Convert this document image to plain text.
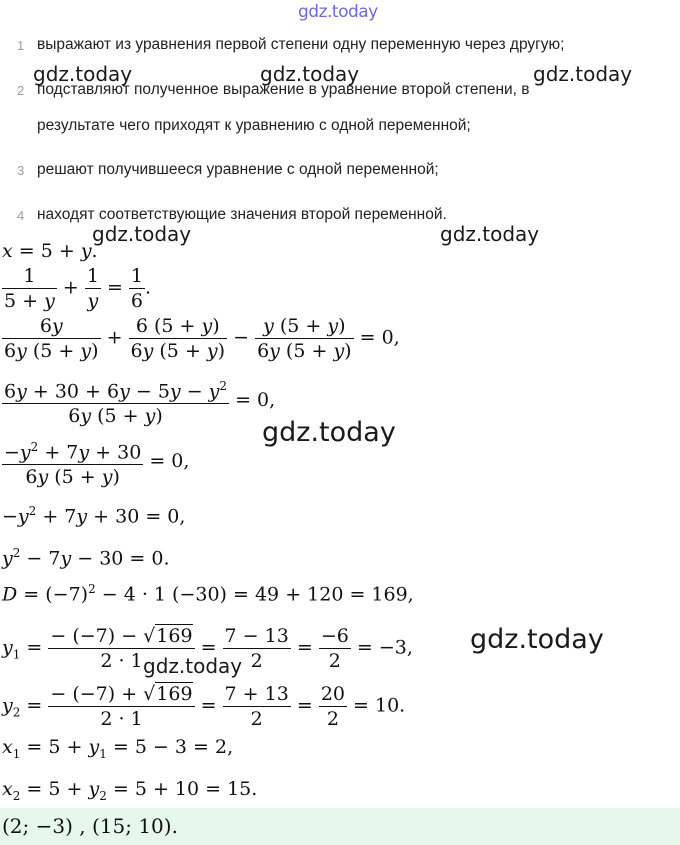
gdz.today
gdz.today	gdz.today	gdz.today
gdz.today	gdz.today
gdz.today
gdz.today
1 выражают из уравнения первой степени одну переменную через другую;
2 подставляют полученное выражение в уравнение второй степени, в
результате чего приходят к уравнению с одной переменной;
3 решают получившееся уравнение с одной переменной;
4 находят соответствующие значения второй переменной.
x = 5 + y.
$\frac{1}{5 + y} + \frac{1}{y} = \frac{1}{6}$ .
$\frac{6y}{6y (5 + y)} + \frac{6 (5 + y)}{6y (5 + y)} - \frac{y (5 + y)}{6y (5 + y)} = 0$,
$\frac{6y + 30 + 6y - 5y - y^2}{6y (5 + y)} = 0$,
$\frac{-y^2 + 7y + 30}{6y (5 + y)} = 0$,
$-y^2 + 7y + 30 = 0$,
$y^2 - 7y - 30 = 0$.
$D = (-7)^2 - 4 \cdot 1$ (−30) = 49 + 120 = 169,
$y_1 = \frac{- (-7) - √169}{2 \cdot 1} = \frac{7 - 13}{2} = \frac{-6}{2} = -3$,
gdz.today
$y_2 = \frac{- (-7) + √169}{2 \cdot 1} = \frac{7 + 13}{2} = \frac{20}{2} = 10$.
$x_1 = 5 + y_1 = 5 - 3 = 2$,
$x_2 = 5 + y_2 = 5 + 10 = 15$.
(2; −3) , (15; 10).
